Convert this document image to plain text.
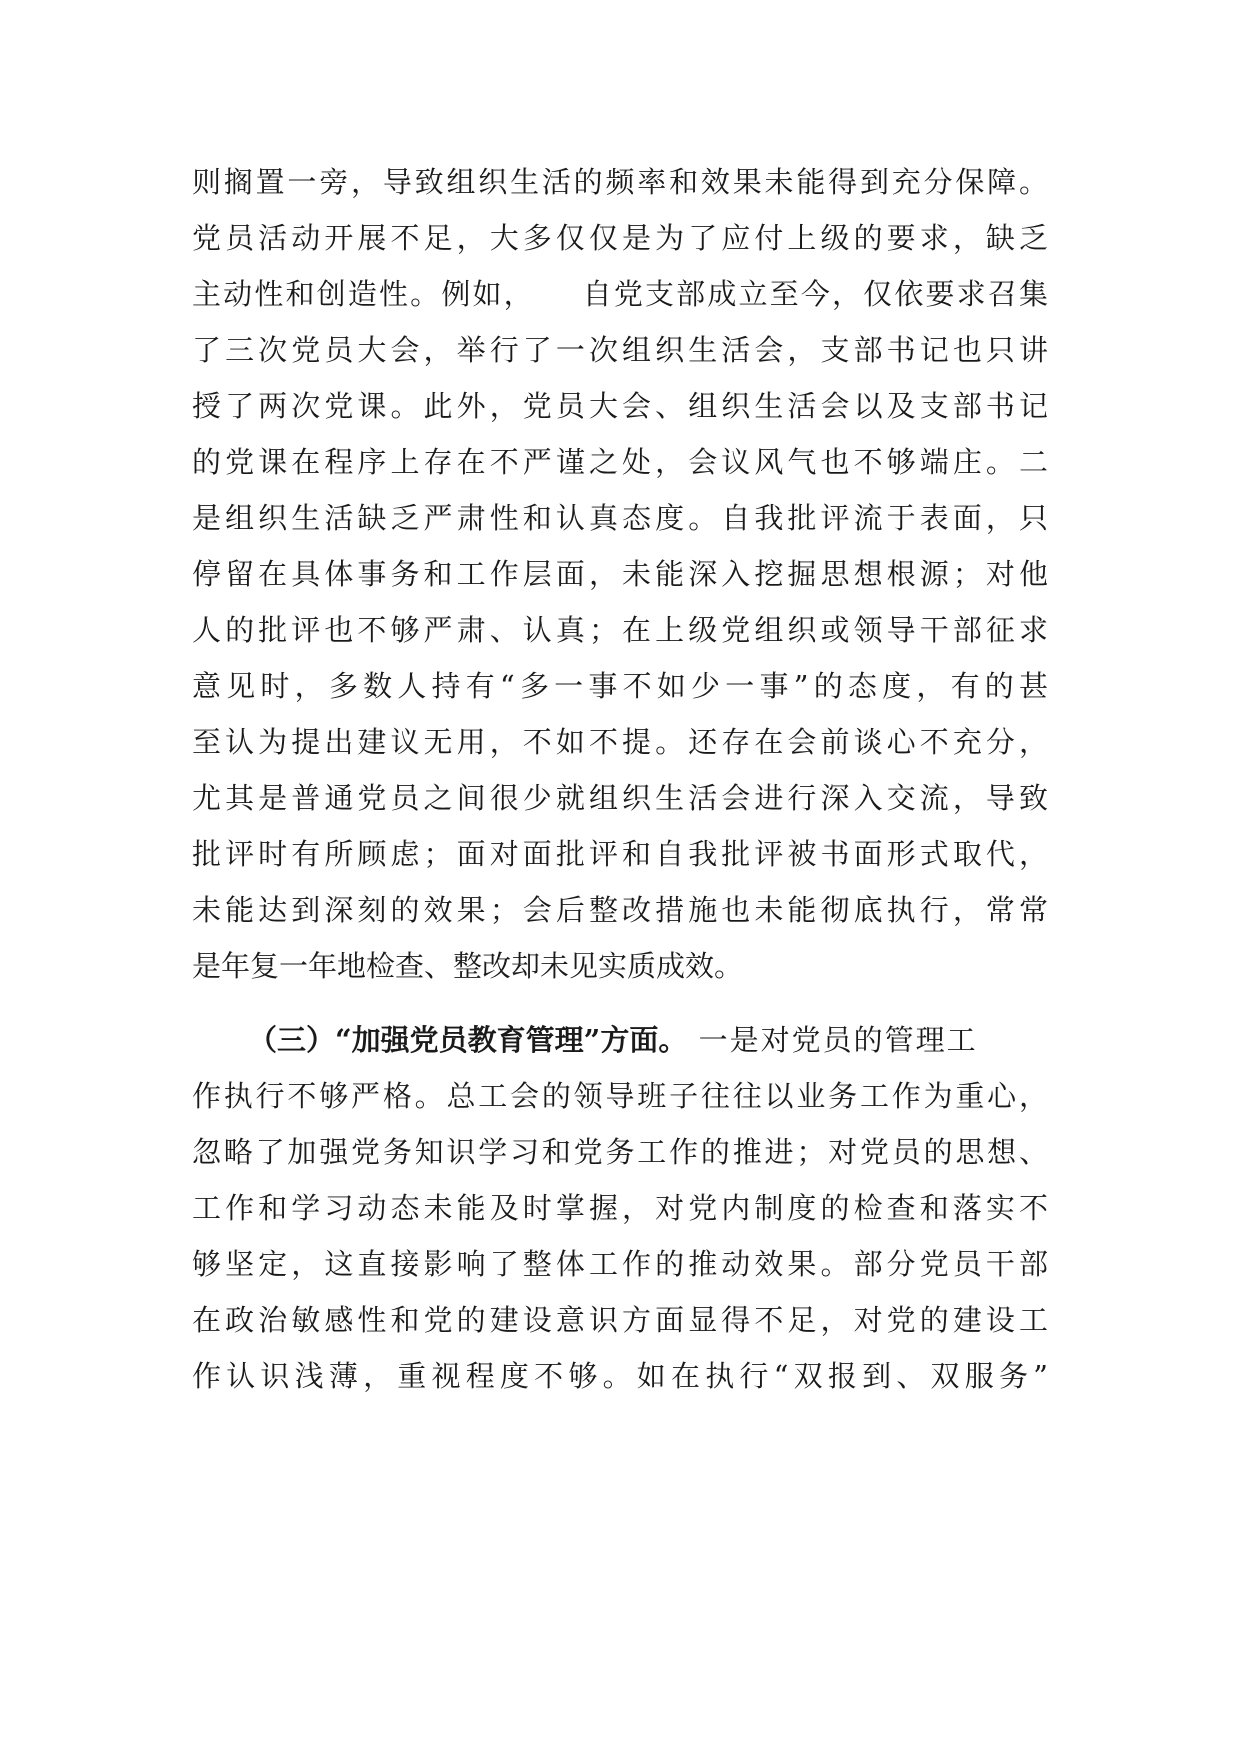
则搁置一旁，导致组织生活的频率和效果未能得到充分保障。
党员活动开展不足，大多仅仅是为了应付上级的要求，缺乏
主动性和创造性。例如，　　自党支部成立至今，仅依要求召集
了三次党员大会，举行了一次组织生活会，支部书记也只讲
授了两次党课。此外，党员大会、组织生活会以及支部书记
的党课在程序上存在不严谨之处，会议风气也不够端庄。二
是组织生活缺乏严肃性和认真态度。自我批评流于表面，只
停留在具体事务和工作层面，未能深入挖掘思想根源；对他
人的批评也不够严肃、认真；在上级党组织或领导干部征求
意见时，多数人持有“多一事不如少一事”的态度，有的甚
至认为提出建议无用，不如不提。还存在会前谈心不充分，
尤其是普通党员之间很少就组织生活会进行深入交流，导致
批评时有所顾虑；面对面批评和自我批评被书面形式取代，
未能达到深刻的效果；会后整改措施也未能彻底执行，常常
是年复一年地检查、整改却未见实质成效。
（三）“加强党员教育管理”方面。 一是对党员的管理工
作执行不够严格。总工会的领导班子往往以业务工作为重心，
忽略了加强党务知识学习和党务工作的推进；对党员的思想、
工作和学习动态未能及时掌握，对党内制度的检查和落实不
够坚定，这直接影响了整体工作的推动效果。部分党员干部
在政治敏感性和党的建设意识方面显得不足，对党的建设工
作认识浅薄，重视程度不够。如在执行“双报到、双服务”
